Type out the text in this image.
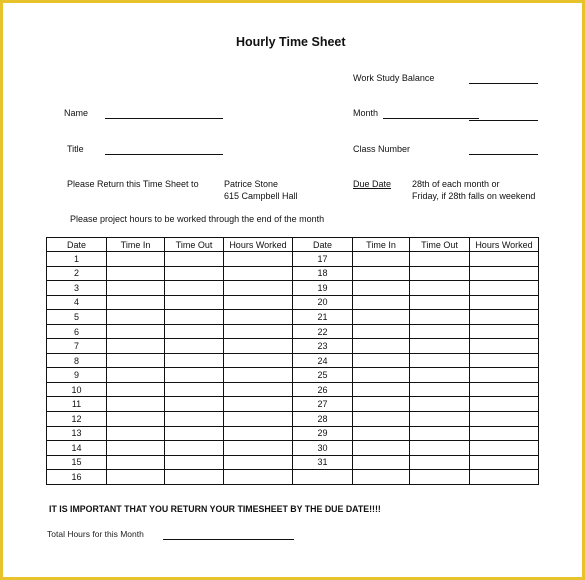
Hourly Time Sheet
Work Study Balance
Name	Month
Title	Class Number
Please Return this Time Sheet to	Patrice Stone
615 Campbell Hall
Due Date 28th of each month or
Friday, if 28th falls on weekend
Please project hours to be worked through the end of the month
Date	Time In	Time Out	Hours Worked	Date	Time In	Time Out	Hours Worked
1				17			
2				18			
3				19			
4				20			
5				21			
6				22			
7				23			
8				24			
9				25			
10				26			
11				27			
12				28			
13				29			
14				30			
15				31			
16							
IT IS IMPORTANT THAT YOU RETURN YOUR TIMESHEET BY THE DUE DATE!!!!
Total Hours for this Month
